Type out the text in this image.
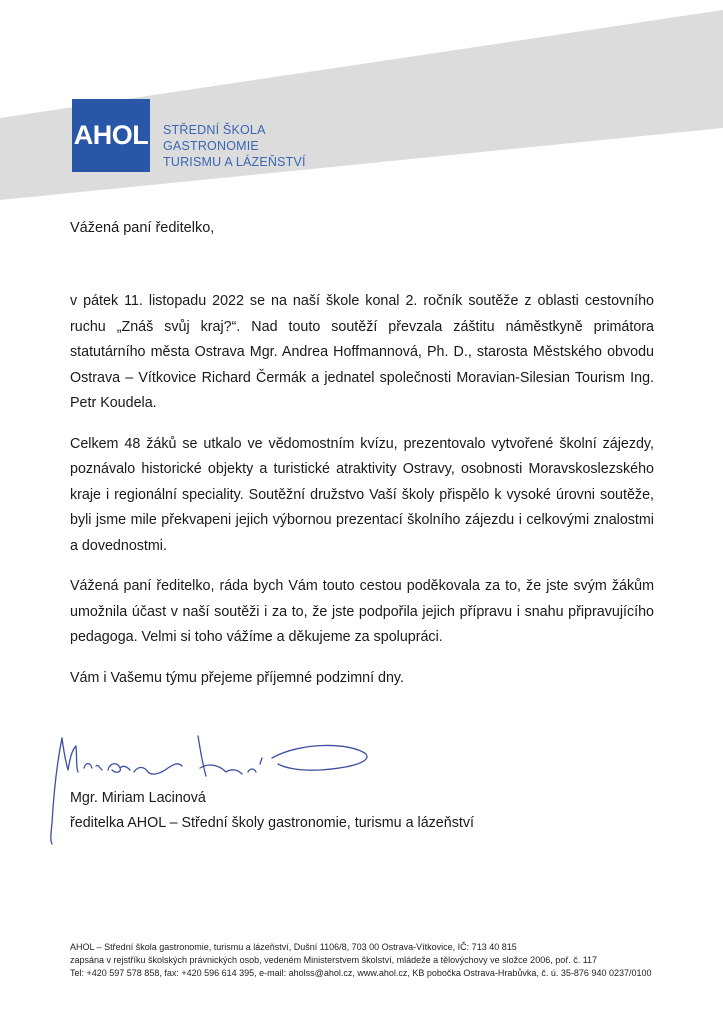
AHOL STŘEDNÍ ŠKOLA
GASTRONOMIE
TURISMU A LÁZEŇSTVÍ
Vážená paní ředitelko,

v pátek 11. listopadu 2022 se na naší škole konal 2. ročník soutěže z oblasti cestovního ruchu „Znáš svůj kraj?“. Nad touto soutěží převzala záštitu náměstkyně primátora statutárního města Ostrava Mgr. Andrea Hoffmannová, Ph. D., starosta Městského obvodu Ostrava – Vítkovice Richard Čermák a jednatel společnosti Moravian-Silesian Tourism Ing. Petr Koudela.

Celkem 48 žáků se utkalo ve vědomostním kvízu, prezentovalo vytvořené školní zájezdy, poznávalo historické objekty a turistické atraktivity Ostravy, osobnosti Moravskoslezského kraje i regionální speciality. Soutěžní družstvo Vaší školy přispělo k vysoké úrovni soutěže, byli jsme mile překvapeni jejich výbornou prezentací školního zájezdu i celkovými znalostmi a dovednostmi.

Vážená paní ředitelko, ráda bych Vám touto cestou poděkovala za to, že jste svým žákům umožnila účast v naší soutěži i za to, že jste podpořila jejich přípravu i snahu připravujícího pedagoga. Velmi si toho vážíme a děkujeme za spolupráci.

Vám i Vašemu týmu přejeme příjemné podzimní dny.

Mgr. Miriam Lacinová
ředitelka AHOL – Střední školy gastronomie, turismu a lázeňství
AHOL – Střední škola gastronomie, turismu a lázeňství, Dušní 1106/8, 703 00 Ostrava-Vítkovice, IČ: 713 40 815
zapsána v rejstříku školských právnických osob, vedeném Ministerstvem školství, mládeže a tělovýchovy ve složce 2006, poř. č. 117
Tel: +420 597 578 858, fax: +420 596 614 395, e-mail: aholss@ahol.cz, www.ahol.cz, KB pobočka Ostrava-Hrabůvka, č. ú. 35-876 940 0237/0100
